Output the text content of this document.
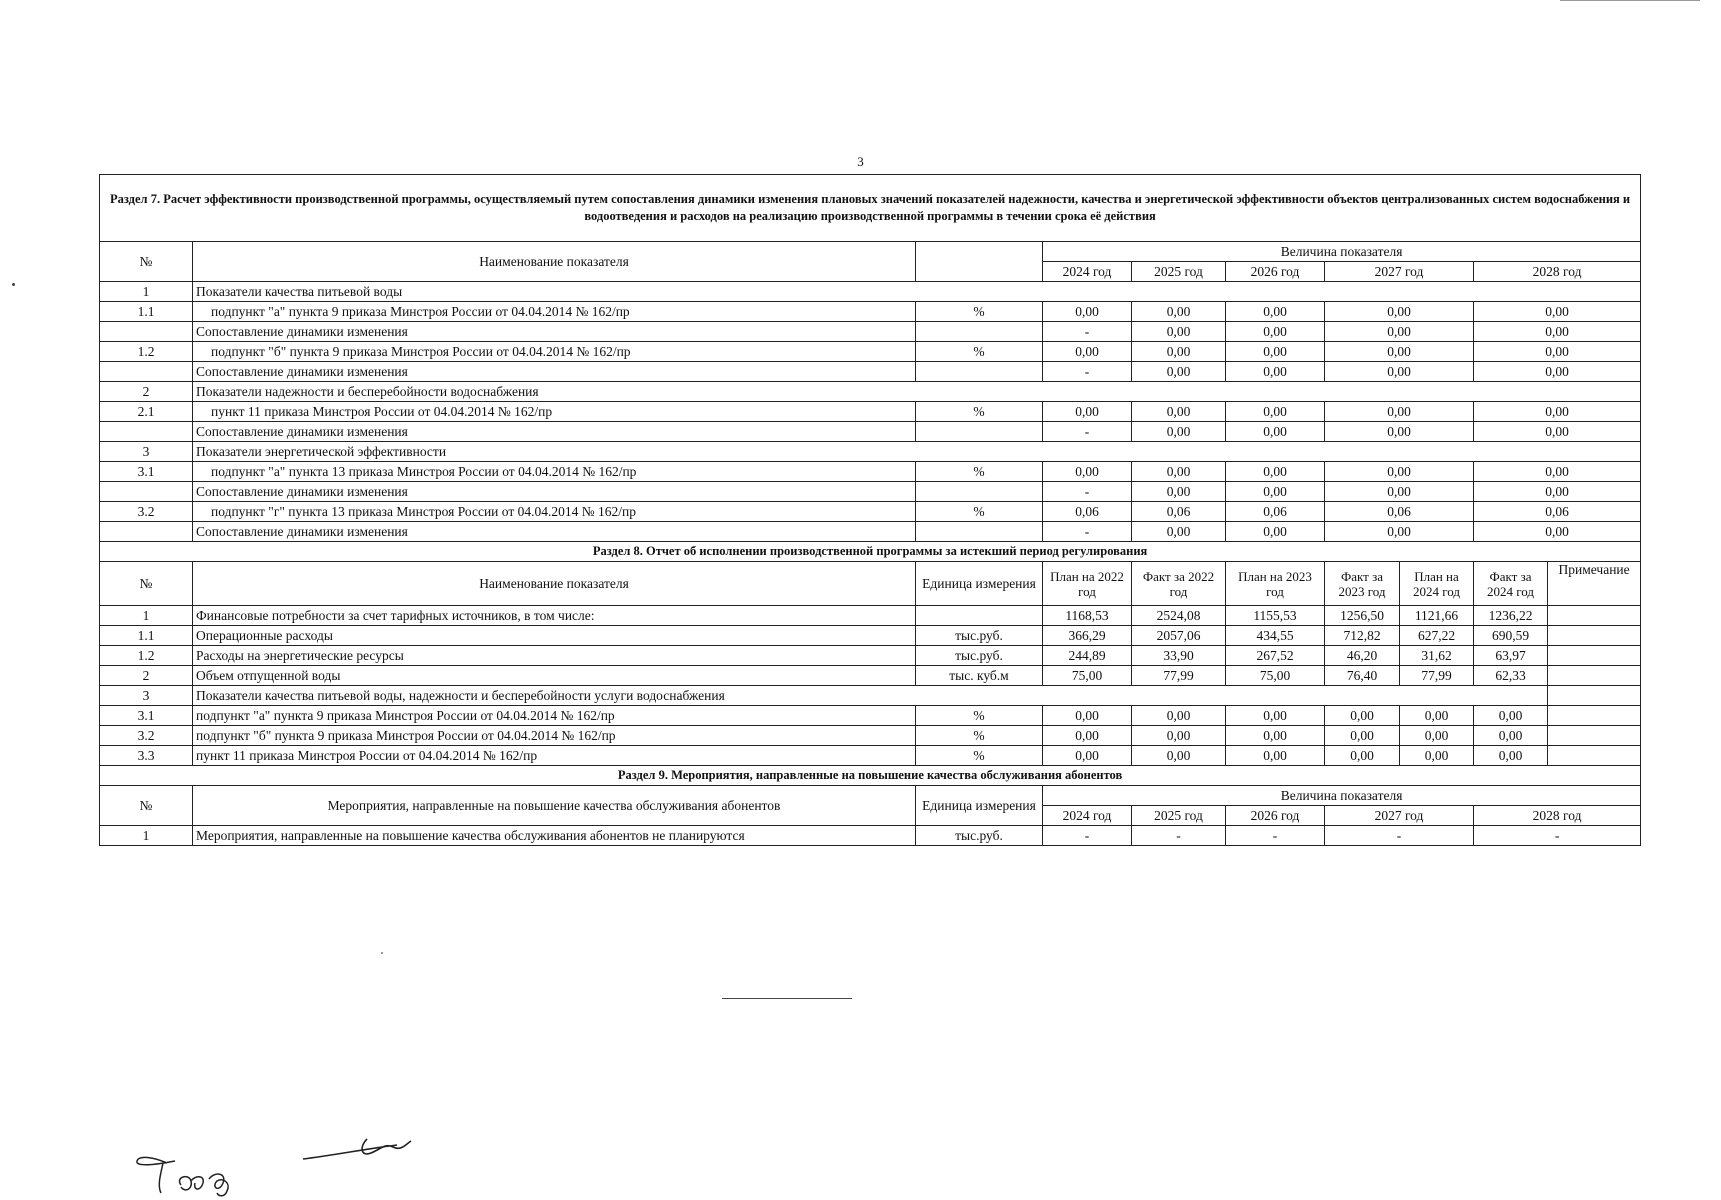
3
Раздел 7. Расчет эффективности производственной программы, осуществляемый путем сопоставления динамики изменения плановых значений показателей надежности, качества и энергетической эффективности объектов централизованных систем водоснабжения и водоотведения и расходов на реализацию производственной программы в течении срока её действия									
№	Наименование показателя		Величина показателя						
			2024 год	2025 год	2026 год	2027 год		2028 год	
1	Показатели качества питьевой воды								
1.1	подпункт "а" пункта 9 приказа Минстроя России от 04.04.2014 № 162/пр	%	0,00	0,00	0,00	0,00		0,00	
	Сопоставление динамики изменения		-	0,00	0,00	0,00		0,00	
1.2	подпункт "б" пункта 9 приказа Минстроя России от 04.04.2014 № 162/пр	%	0,00	0,00	0,00	0,00		0,00	
	Сопоставление динамики изменения		-	0,00	0,00	0,00		0,00	
2	Показатели надежности и бесперебойности водоснабжения								
2.1	пункт 11 приказа Минстроя России от 04.04.2014 № 162/пр	%	0,00	0,00	0,00	0,00		0,00	
	Сопоставление динамики изменения		-	0,00	0,00	0,00		0,00	
3	Показатели энергетической эффективности								
3.1	подпункт "а" пункта 13 приказа Минстроя России от 04.04.2014 № 162/пр	%	0,00	0,00	0,00	0,00		0,00	
	Сопоставление динамики изменения		-	0,00	0,00	0,00		0,00	
3.2	подпункт "г" пункта 13 приказа Минстроя России от 04.04.2014 № 162/пр	%	0,06	0,06	0,06	0,06		0,06	
	Сопоставление динамики изменения		-	0,00	0,00	0,00		0,00	
Раздел 8. Отчет об исполнении производственной программы за истекший период регулирования									
№	Наименование показателя	Единица измерения	План на 2022 год	Факт за 2022 год	План на 2023 год	Факт за 2023 год	План на 2024 год	Факт за 2024 год	Примечание
1	Финансовые потребности за счет тарифных источников, в том числе:		1168,53	2524,08	1155,53	1256,50	1121,66	1236,22	
1.1	Операционные расходы	тыс.руб.	366,29	2057,06	434,55	712,82	627,22	690,59	
1.2	Расходы на энергетические ресурсы	тыс.руб.	244,89	33,90	267,52	46,20	31,62	63,97	
2	Объем отпущенной воды	тыс. куб.м	75,00	77,99	75,00	76,40	77,99	62,33	
3	Показатели качества питьевой воды, надежности и бесперебойности услуги водоснабжения								
3.1	подпункт "а" пункта 9 приказа Минстроя России от 04.04.2014 № 162/пр	%	0,00	0,00	0,00	0,00	0,00	0,00	
3.2	подпункт "б" пункта 9 приказа Минстроя России от 04.04.2014 № 162/пр	%	0,00	0,00	0,00	0,00	0,00	0,00	
3.3	пункт 11 приказа Минстроя России от 04.04.2014 № 162/пр	%	0,00	0,00	0,00	0,00	0,00	0,00	
Раздел 9. Мероприятия, направленные на повышение качества обслуживания абонентов									
№	Мероприятия, направленные на повышение качества обслуживания абонентов	Единица измерения	Величина показателя						
			2024 год	2025 год	2026 год	2027 год		2028 год	
1	Мероприятия, направленные на повышение качества обслуживания абонентов не планируются	тыс.руб.	-	-	-	-		-	
